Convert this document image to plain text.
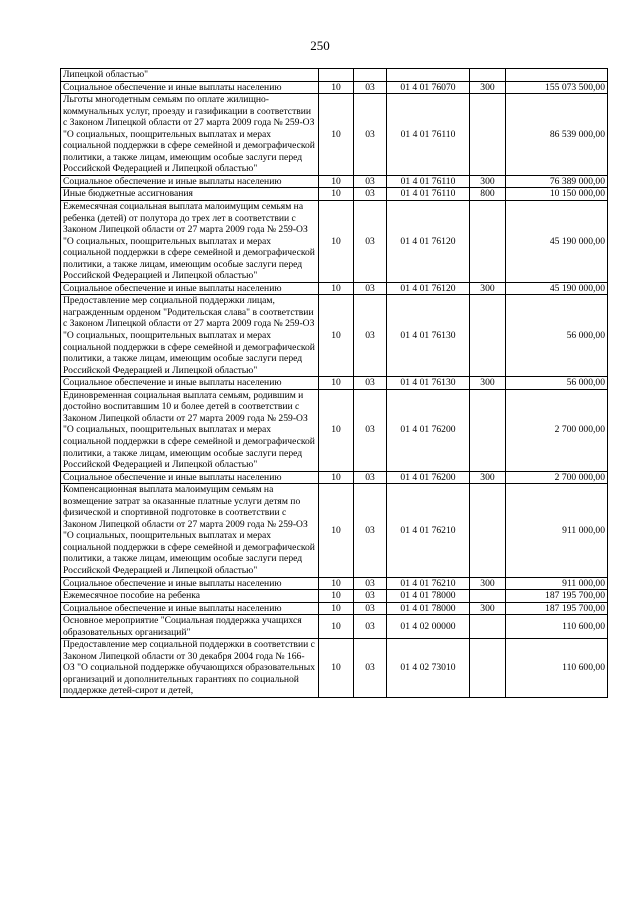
250
Липецкой областью"					
Социальное обеспечение и иные выплаты населению	10	03	01 4 01 76070	300	155 073 500,00
Льготы многодетным семьям по оплате жилищно-коммунальных услуг, проезду и газификации в соответствии с Законом Липецкой области от 27 марта 2009 года № 259-ОЗ "О социальных, поощрительных выплатах и мерах социальной поддержки в сфере семейной и демографической политики, а также лицам, имеющим особые заслуги перед Российской Федерацией и Липецкой областью"	10	03	01 4 01 76110		86 539 000,00
Социальное обеспечение и иные выплаты населению	10	03	01 4 01 76110	300	76 389 000,00
Иные бюджетные ассигнования	10	03	01 4 01 76110	800	10 150 000,00
Ежемесячная социальная выплата малоимущим семьям на ребенка (детей) от полутора до трех лет в соответствии с Законом Липецкой области от 27 марта 2009 года № 259-ОЗ "О социальных, поощрительных выплатах и мерах социальной поддержки в сфере семейной и демографической политики, а также лицам, имеющим особые заслуги перед Российской Федерацией и Липецкой областью"	10	03	01 4 01 76120		45 190 000,00
Социальное обеспечение и иные выплаты населению	10	03	01 4 01 76120	300	45 190 000,00
Предоставление мер социальной поддержки лицам, награжденным орденом "Родительская слава" в соответствии с Законом Липецкой области от 27 марта 2009 года № 259-ОЗ "О социальных, поощрительных выплатах и мерах социальной поддержки в сфере семейной и демографической политики, а также лицам, имеющим особые заслуги перед Российской Федерацией и Липецкой областью"	10	03	01 4 01 76130		56 000,00
Социальное обеспечение и иные выплаты населению	10	03	01 4 01 76130	300	56 000,00
Единовременная социальная выплата семьям, родившим и достойно воспитавшим 10 и более детей в соответствии с Законом Липецкой области от 27 марта 2009 года № 259-ОЗ "О социальных, поощрительных выплатах и мерах социальной поддержки в сфере семейной и демографической политики, а также лицам, имеющим особые заслуги перед Российской Федерацией и Липецкой областью"	10	03	01 4 01 76200		2 700 000,00
Социальное обеспечение и иные выплаты населению	10	03	01 4 01 76200	300	2 700 000,00
Компенсационная выплата малоимущим семьям на возмещение затрат за оказанные платные услуги детям по физической и спортивной подготовке в соответствии с Законом Липецкой области от 27 марта 2009 года № 259-ОЗ "О социальных, поощрительных выплатах и мерах социальной поддержки в сфере семейной и демографической политики, а также лицам, имеющим особые заслуги перед Российской Федерацией и Липецкой областью"	10	03	01 4 01 76210		911 000,00
Социальное обеспечение и иные выплаты населению	10	03	01 4 01 76210	300	911 000,00
Ежемесячное пособие на ребенка	10	03	01 4 01 78000		187 195 700,00
Социальное обеспечение и иные выплаты населению	10	03	01 4 01 78000	300	187 195 700,00
Основное мероприятие "Социальная поддержка учащихся образовательных организаций"	10	03	01 4 02 00000		110 600,00
Предоставление мер социальной поддержки в соответствии с Законом Липецкой области от 30 декабря 2004 года № 166-ОЗ "О социальной поддержке обучающихся образовательных организаций и дополнительных гарантиях по социальной поддержке детей-сирот и детей,	10	03	01 4 02 73010		110 600,00
